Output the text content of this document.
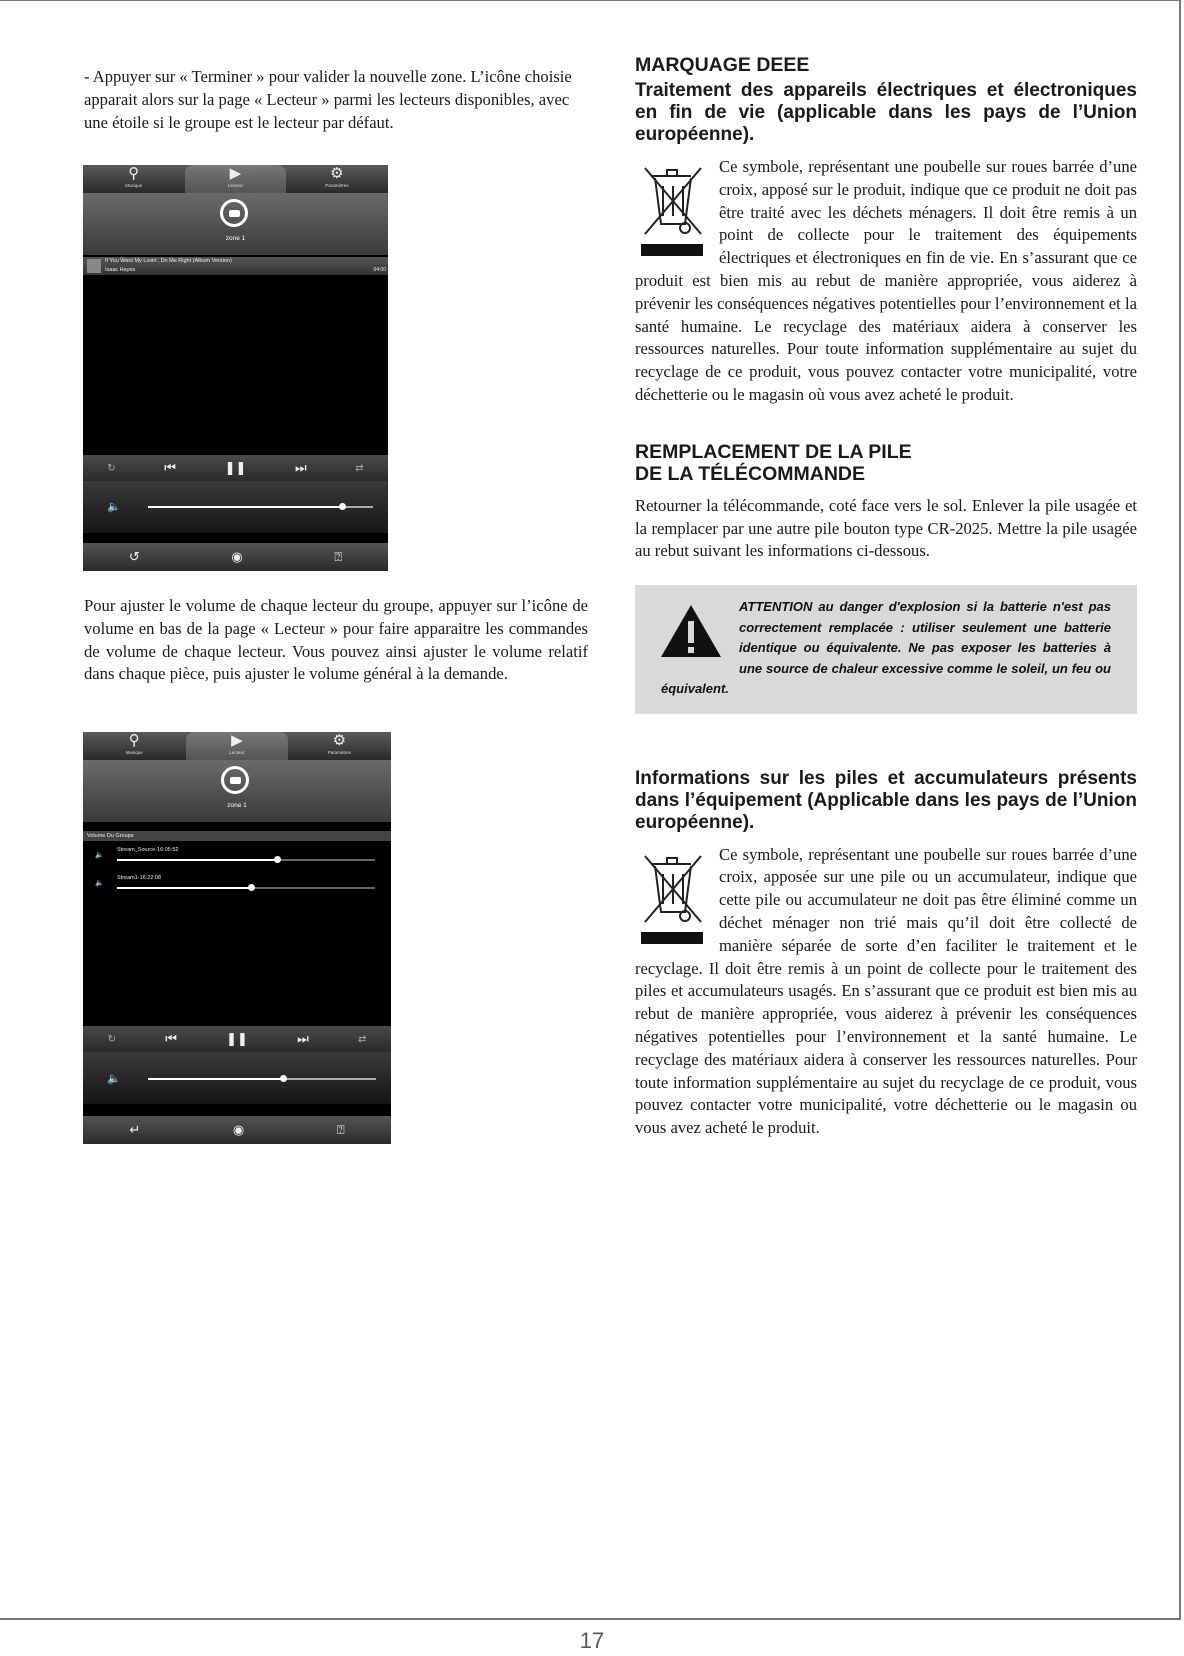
- Appuyer sur « Terminer » pour valider la nouvelle zone. L’icône choisie apparait alors sur la page « Lecteur » parmi les lecteurs disponibles, avec une étoile si le groupe est le lecteur par défaut.

Pour ajuster le volume de chaque lecteur du groupe, appuyer sur l’icône de volume en bas de la page « Lecteur » pour faire apparaitre les commandes de volume de chaque lecteur. Vous pouvez ainsi ajuster le volume relatif dans chaque pièce, puis ajuster le volume général à la demande.

⚲
Musique
▶
Lecteur
⚙
Paramètres
zone 1
If You Want My Lovin', Do Me Right (Album Version)
Isaac Hayes	04:00
↻	⏮	❚❚	⏭	⇄
🔈
↺	◉	⍰
⚲
Musique
▶
Lecteur
⚙
Paramètres
zone 1
Volume Du Groupe
🔈
Stream_Source-16:05:52
🔈
Stream1-16:22:08
↻	⏮	❚❚	⏭	⇄
🔈
↵	◉	⍰
MARQUAGE DEEE
Traitement des appareils électriques et électroniques en fin de vie (applicable dans les pays de l’Union européenne).

Ce symbole, représentant une poubelle sur roues barrée d’une croix, apposé sur le produit, indique que ce produit ne doit pas être traité avec les déchets ménagers. Il doit être remis à un point de collecte pour le traitement des équipements électriques et électroniques en fin de vie. En s’assurant que ce produit est bien mis au rebut de manière appropriée, vous aiderez à prévenir les conséquences négatives potentielles pour l’environnement et la santé humaine. Le recyclage des matériaux aidera à conserver les ressources naturelles. Pour toute information supplémentaire au sujet du recyclage de ce produit, vous pouvez contacter votre municipalité, votre déchetterie ou le magasin où vous avez acheté le produit.

REMPLACEMENT DE LA PILE
DE LA TÉLÉCOMMANDE

Retourner la télécommande, coté face vers le sol. Enlever la pile usagée et la remplacer par une autre pile bouton type CR-2025. Mettre la pile usagée au rebut suivant les informations ci-dessous.

ATTENTION au danger d'explosion si la batterie n'est pas correctement remplacée : utiliser seulement une batterie identique ou équivalente. Ne pas exposer les batteries à une source de chaleur excessive comme le soleil, un feu ou équivalent.
Informations sur les piles et accumulateurs présents dans l’équipement (Applicable dans les pays de l’Union européenne).

Ce symbole, représentant une poubelle sur roues barrée d’une croix, apposée sur une pile ou un accumulateur, indique que cette pile ou accumulateur ne doit pas être éliminé comme un déchet ménager non trié mais qu’il doit être collecté de manière séparée de sorte d’en faciliter le traitement et le recyclage. Il doit être remis à un point de collecte pour le traitement des piles et accumulateurs usagés. En s’assurant que ce produit est bien mis au rebut de manière appropriée, vous aiderez à prévenir les conséquences négatives potentielles pour l’environnement et la santé humaine. Le recyclage des matériaux aidera à conserver les ressources naturelles. Pour toute information supplémentaire au sujet du recyclage de ce produit, vous pouvez contacter votre municipalité, votre déchetterie ou le magasin ou vous avez acheté le produit.

17
